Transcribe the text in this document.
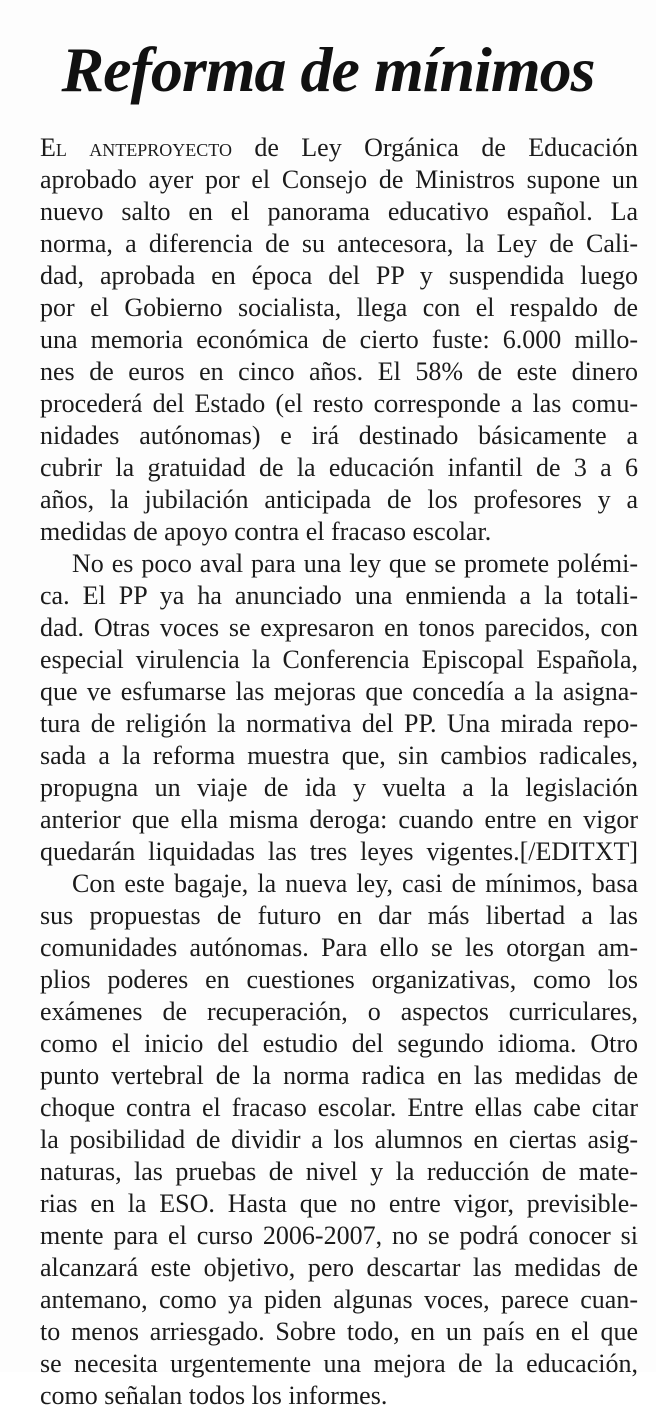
Reforma de mínimos
El anteproyecto de Ley Orgánica de Educación
aprobado ayer por el Consejo de Ministros supone un
nuevo salto en el panorama educativo español. La
norma, a diferencia de su antecesora, la Ley de Cali-
dad, aprobada en época del PP y suspendida luego
por el Gobierno socialista, llega con el respaldo de
una memoria económica de cierto fuste: 6.000 millo-
nes de euros en cinco años. El 58% de este dinero
procederá del Estado (el resto corresponde a las comu-
nidades autónomas) e irá destinado básicamente a
cubrir la gratuidad de la educación infantil de 3 a 6
años, la jubilación anticipada de los profesores y a
medidas de apoyo contra el fracaso escolar.
No es poco aval para una ley que se promete polémi-
ca. El PP ya ha anunciado una enmienda a la totali-
dad. Otras voces se expresaron en tonos parecidos, con
especial virulencia la Conferencia Episcopal Española,
que ve esfumarse las mejoras que concedía a la asigna-
tura de religión la normativa del PP. Una mirada repo-
sada a la reforma muestra que, sin cambios radicales,
propugna un viaje de ida y vuelta a la legislación
anterior que ella misma deroga: cuando entre en vigor
quedarán liquidadas las tres leyes vigentes.[/EDITXT]
Con este bagaje, la nueva ley, casi de mínimos, basa
sus propuestas de futuro en dar más libertad a las
comunidades autónomas. Para ello se les otorgan am-
plios poderes en cuestiones organizativas, como los
exámenes de recuperación, o aspectos curriculares,
como el inicio del estudio del segundo idioma. Otro
punto vertebral de la norma radica en las medidas de
choque contra el fracaso escolar. Entre ellas cabe citar
la posibilidad de dividir a los alumnos en ciertas asig-
naturas, las pruebas de nivel y la reducción de mate-
rias en la ESO. Hasta que no entre vigor, previsible-
mente para el curso 2006-2007, no se podrá conocer si
alcanzará este objetivo, pero descartar las medidas de
antemano, como ya piden algunas voces, parece cuan-
to menos arriesgado. Sobre todo, en un país en el que
se necesita urgentemente una mejora de la educación,
como señalan todos los informes.
